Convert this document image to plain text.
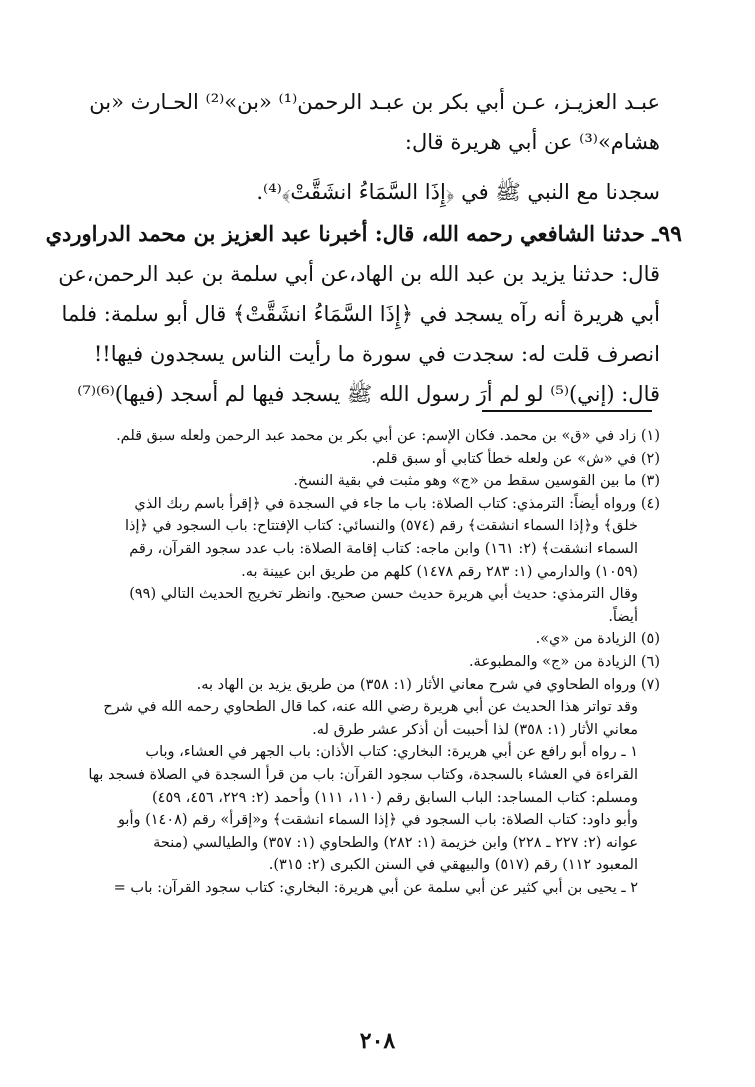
عبـد العزيـز، عـن أبي بكر بن عبـد الرحمن⁽¹⁾ «بن»⁽²⁾ الحـارث «بن
هشام»⁽³⁾ عن أبي هريرة قال:
سجدنا مع النبي ﷺ في ﴿إِذَا السَّمَاءُ انشَقَّتْ﴾⁽⁴⁾.
٩٩ـ حدثنا الشافعي رحمه الله، قال: أخبرنا عبد العزيز بن محمد الدراوردي
قال: حدثنا يزيد بن عبد الله بن الهاد،عن أبي سلمة بن عبد الرحمن،عن
أبي هريرة أنه رآه يسجد في ﴿إِذَا السَّمَاءُ انشَقَّتْ﴾ قال أبو سلمة: فلما
انصرف قلت له: سجدت في سورة ما رأيت الناس يسجدون فيها!!
قال: (إني)⁽⁵⁾ لو لم أرَ رسول الله ﷺ يسجد فيها لم أسجد (فيها)⁽⁶⁾⁽⁷⁾
(١) زاد في «ق» بن محمد. فكان الإسم: عن أبي بكر بن محمد عبد الرحمن ولعله سبق قلم.
(٢) في «ش» عن ولعله خطأ كتابي أو سبق قلم.
(٣) ما بين القوسين سقط من «ج» وهو مثبت في بقية النسخ.
(٤) ورواه أيضاً: الترمذي: كتاب الصلاة: باب ما جاء في السجدة في ﴿إقرأ باسم ربك الذي
خلق﴾ و﴿إذا السماء انشقت﴾ رقم (٥٧٤) والنسائي: كتاب الإفتتاح: باب السجود في ﴿إذا
السماء انشقت﴾ (٢: ١٦١) وابن ماجه: كتاب إقامة الصلاة: باب عدد سجود القرآن، رقم
(١٠٥٩) والدارمي (١: ٢٨٣ رقم ١٤٧٨) كلهم من طريق ابن عيينة به.
وقال الترمذي: حديث أبي هريرة حديث حسن صحيح. وانظر تخريج الحديث التالي (٩٩)
أيضاً.
(٥) الزيادة من «ي».
(٦) الزيادة من «ج» والمطبوعة.
(٧) ورواه الطحاوي في شرح معاني الأثار (١: ٣٥٨) من طريق يزيد بن الهاد به.
وقد تواتر هذا الحديث عن أبي هريرة رضي الله عنه، كما قال الطحاوي رحمه الله في شرح
معاني الأثار (١: ٣٥٨) لذا أحببت أن أذكر عشر طرق له.
١ ـ رواه أبو رافع عن أبي هريرة: البخاري: كتاب الأذان: باب الجهر في العشاء، وباب
القراءة في العشاء بالسجدة، وكتاب سجود القرآن: باب من قرأ السجدة في الصلاة فسجد بها
ومسلم: كتاب المساجد: الباب السابق رقم (١١٠، ١١١) وأحمد (٢: ٢٢٩، ٤٥٦، ٤٥٩)
وأبو داود: كتاب الصلاة: باب السجود في ﴿إذا السماء انشقت﴾ و«إقرأ» رقم (١٤٠٨) وأبو
عوانه (٢: ٢٢٧ ـ ٢٢٨) وابن خزيمة (١: ٢٨٢) والطحاوي (١: ٣٥٧) والطيالسي (منحة
المعبود ١١٢) رقم (٥١٧) والبيهقي في السنن الكبرى (٢: ٣١٥).
٢ ـ يحيى بن أبي كثير عن أبي سلمة عن أبي هريرة: البخاري: كتاب سجود القرآن: باب =
٢٠٨
